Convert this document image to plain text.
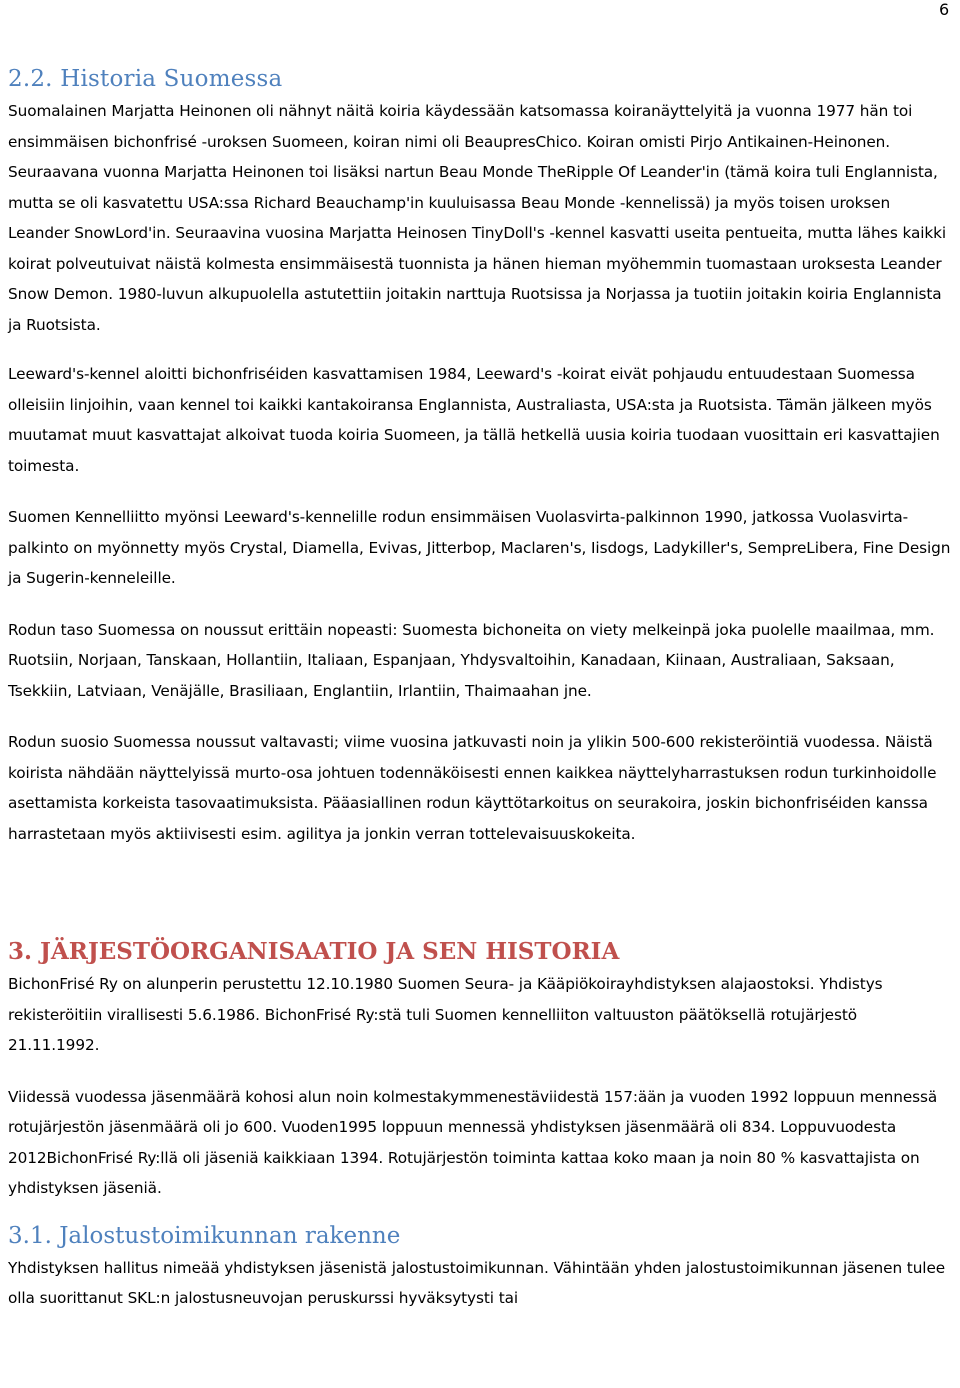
6
2.2. Historia Suomessa

Suomalainen Marjatta Heinonen oli nähnyt näitä koiria käydessään katsomassa koiranäyttelyitä ja vuonna 1977 hän toi ensimmäisen bichonfrisé -uroksen Suomeen, koiran nimi oli BeaupresChico. Koiran omisti Pirjo Antikainen-Heinonen. Seuraavana vuonna Marjatta Heinonen toi lisäksi nartun Beau Monde TheRipple Of Leander'in (tämä koira tuli Englannista, mutta se oli kasvatettu USA:ssa Richard Beauchamp'in kuuluisassa Beau Monde -kennelissä) ja myös toisen uroksen Leander SnowLord'in. Seuraavina vuosina Marjatta Heinosen TinyDoll's -kennel kasvatti useita pentueita, mutta lähes kaikki koirat polveutuivat näistä kolmesta ensimmäisestä tuonnista ja hänen hieman myöhemmin tuomastaan uroksesta Leander Snow Demon. 1980-luvun alkupuolella astutettiin joitakin narttuja Ruotsissa ja Norjassa ja tuotiin joitakin koiria Englannista ja Ruotsista.

Leeward's-kennel aloitti bichonfriséiden kasvattamisen 1984, Leeward's -koirat eivät pohjaudu entuudestaan Suomessa olleisiin linjoihin, vaan kennel toi kaikki kantakoiransa Englannista, Australiasta, USA:sta ja Ruotsista. Tämän jälkeen myös muutamat muut kasvattajat alkoivat tuoda koiria Suomeen, ja tällä hetkellä uusia koiria tuodaan vuosittain eri kasvattajien toimesta.

Suomen Kennelliitto myönsi Leeward's-kennelille rodun ensimmäisen Vuolasvirta-palkinnon 1990, jatkossa Vuolasvirta-palkinto on myönnetty myös Crystal, Diamella, Evivas, Jitterbop, Maclaren's, Iisdogs, Ladykiller's, SempreLibera, Fine Design ja Sugerin-kenneleille.

Rodun taso Suomessa on noussut erittäin nopeasti: Suomesta bichoneita on viety melkeinpä joka puolelle maailmaa, mm. Ruotsiin, Norjaan, Tanskaan, Hollantiin, Italiaan, Espanjaan, Yhdysvaltoihin, Kanadaan, Kiinaan, Australiaan, Saksaan, Tsekkiin, Latviaan, Venäjälle, Brasiliaan, Englantiin, Irlantiin, Thaimaahan jne.

Rodun suosio Suomessa noussut valtavasti; viime vuosina jatkuvasti noin ja ylikin 500-600 rekisteröintiä vuodessa. Näistä koirista nähdään näyttelyissä murto-osa johtuen todennäköisesti ennen kaikkea näyttelyharrastuksen rodun turkinhoidolle asettamista korkeista tasovaatimuksista. Pääasiallinen rodun käyttötarkoitus on seurakoira, joskin bichonfriséiden kanssa harrastetaan myös aktiivisesti esim. agilitya ja jonkin verran tottelevaisuuskokeita.

3. JÄRJESTÖORGANISAATIO JA SEN HISTORIA

BichonFrisé Ry on alunperin perustettu 12.10.1980 Suomen Seura- ja Kääpiökoirayhdistyksen alajaostoksi. Yhdistys rekisteröitiin virallisesti 5.6.1986. BichonFrisé Ry:stä tuli Suomen kennelliiton valtuuston päätöksellä rotujärjestö 21.11.1992.

Viidessä vuodessa jäsenmäärä kohosi alun noin kolmestakymmenestäviidestä 157:ään ja vuoden 1992 loppuun mennessä rotujärjestön jäsenmäärä oli jo 600. Vuoden1995 loppuun mennessä yhdistyksen jäsenmäärä oli 834. Loppuvuodesta 2012BichonFrisé Ry:llä oli jäseniä kaikkiaan 1394. Rotujärjestön toiminta kattaa koko maan ja noin 80 % kasvattajista on yhdistyksen jäseniä.

3.1. Jalostustoimikunnan rakenne

Yhdistyksen hallitus nimeää yhdistyksen jäsenistä jalostustoimikunnan. Vähintään yhden jalostustoimikunnan jäsenen tulee olla suorittanut SKL:n jalostusneuvojan peruskurssi hyväksytysti tai
